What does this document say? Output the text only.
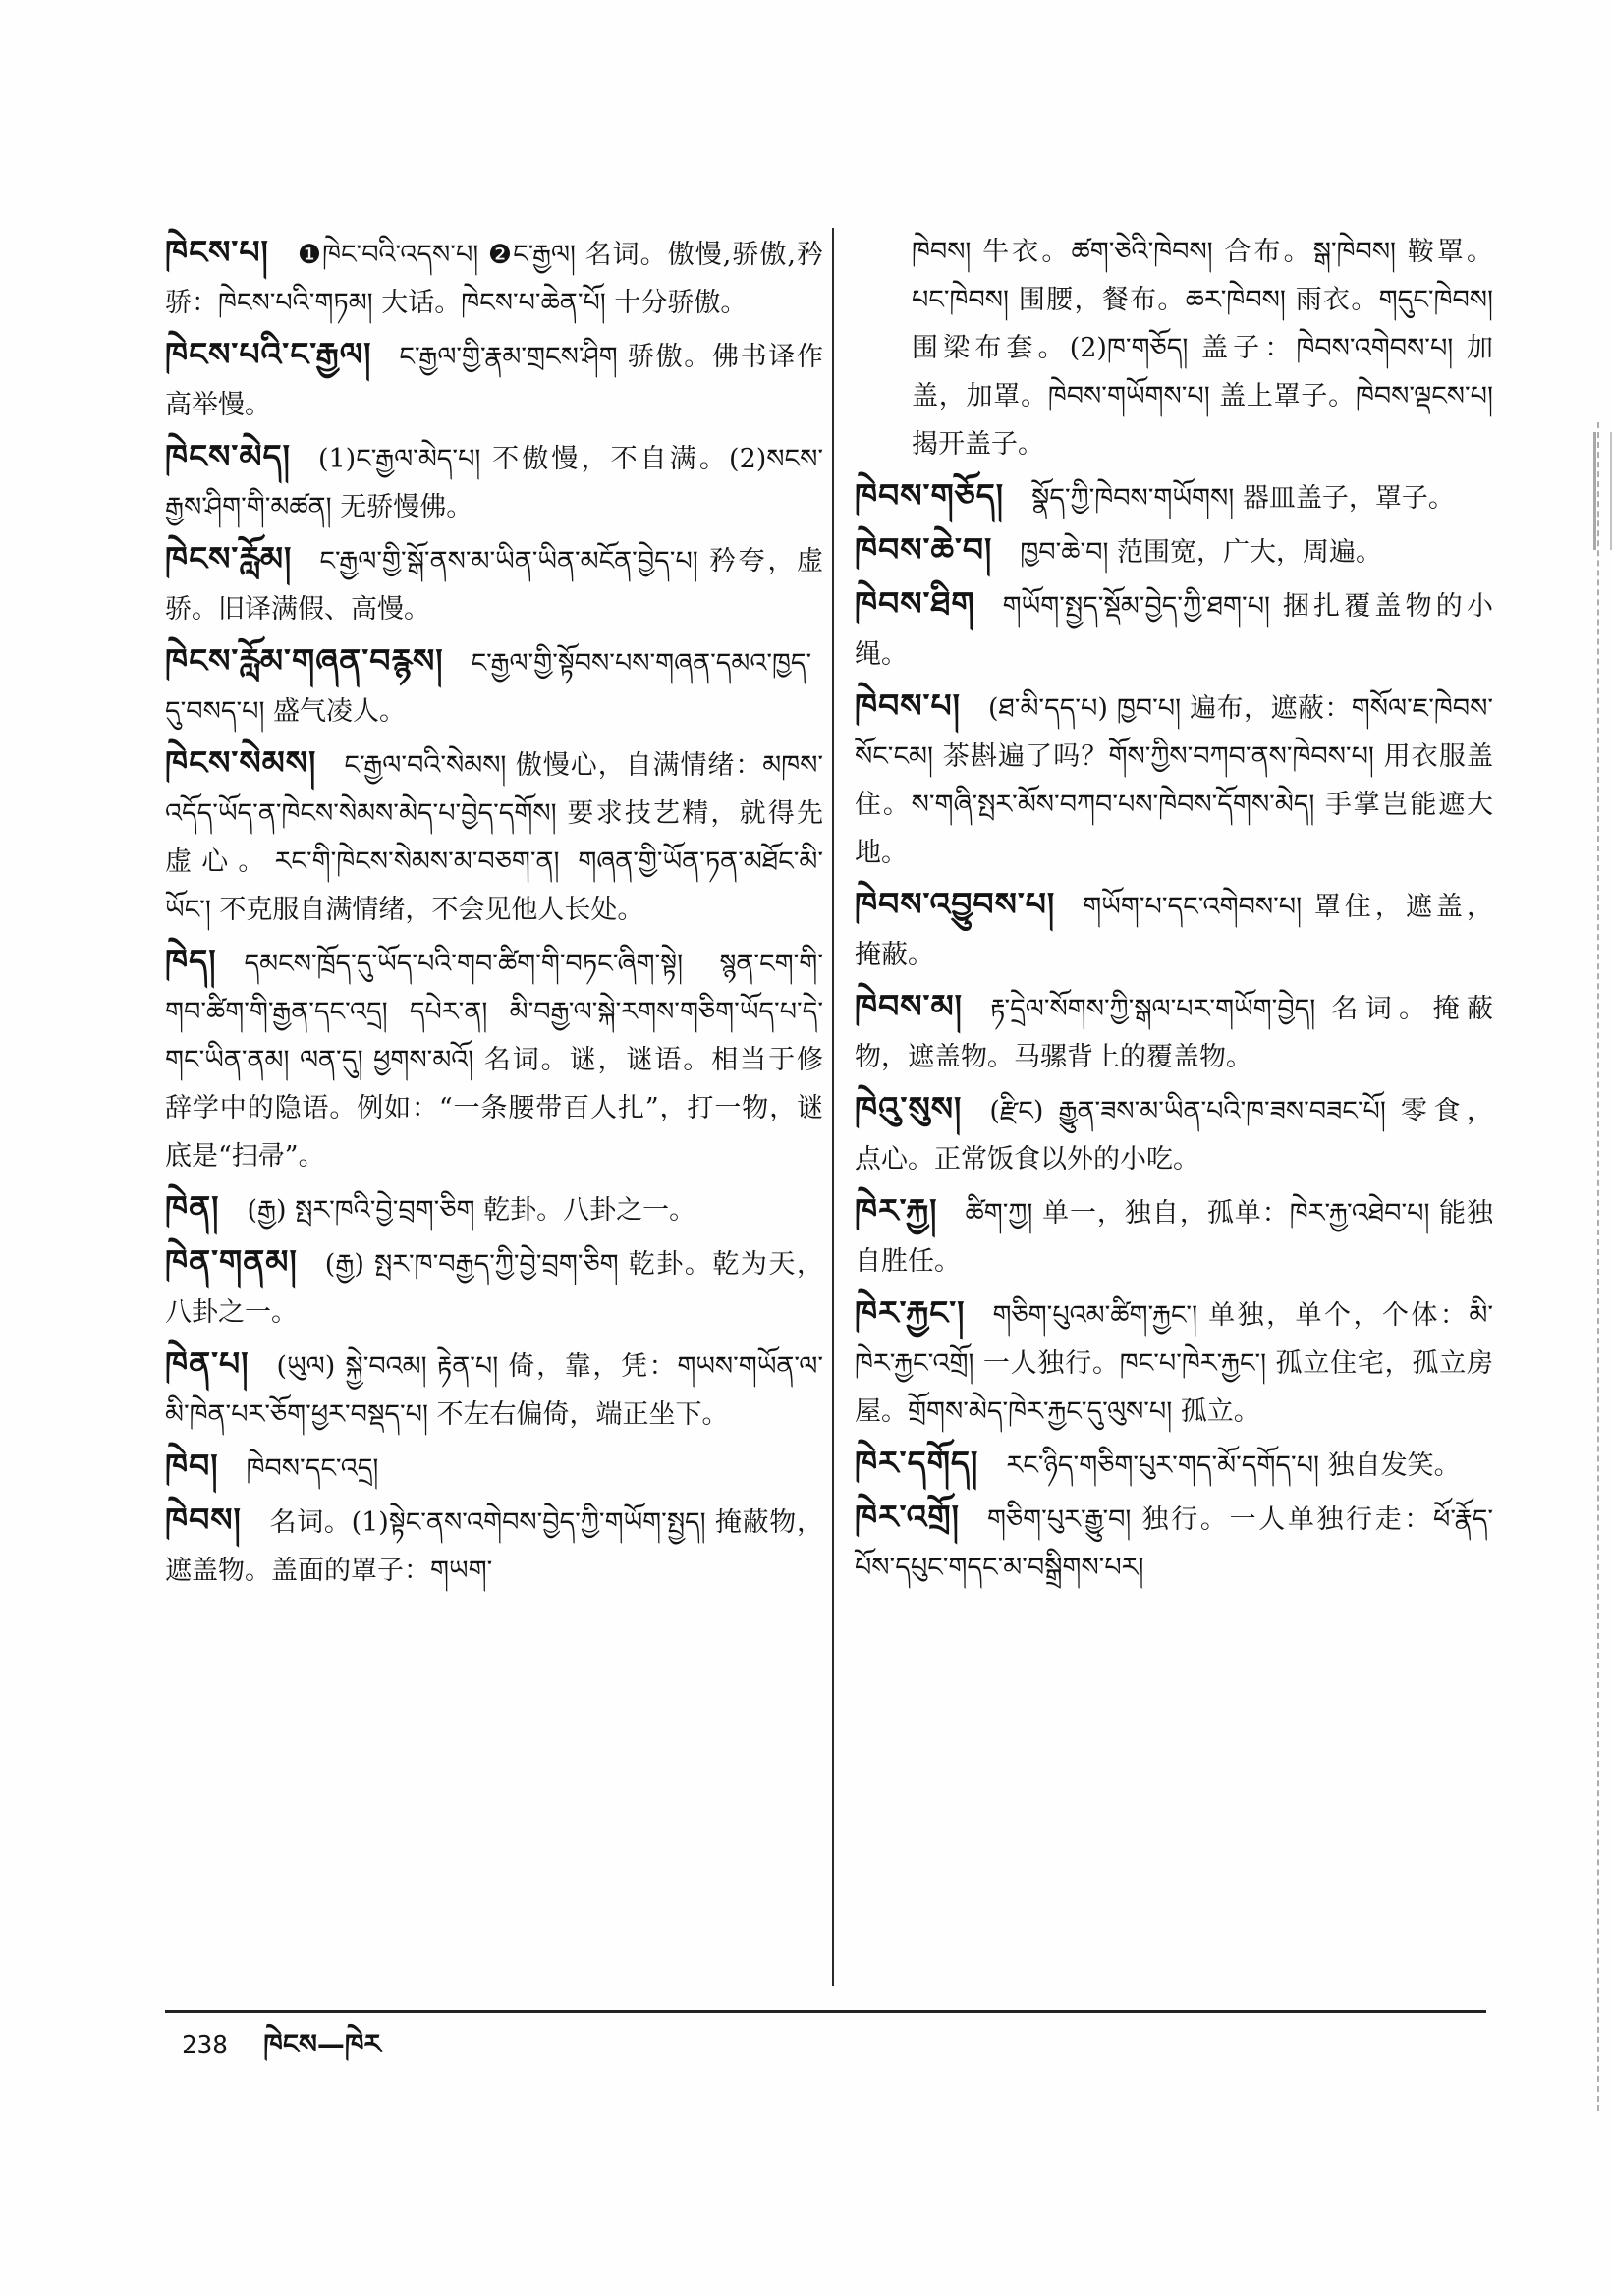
ཁེངས་པ། ❶ཁེང་བའི་འདས་པ། ❷ང་རྒྱལ། 名词。傲慢,骄傲,矜骄：ཁེངས་པའི་གཏམ། 大话。ཁེངས་པ་ཆེན་པོ། 十分骄傲。
ཁེངས་པའི་ང་རྒྱལ། ང་རྒྱལ་གྱི་རྣམ་གྲངས་ཤིག 骄傲。佛书译作高举慢。
ཁེངས་མེད། (1)ང་རྒྱལ་མེད་པ། 不傲慢，不自满。(2)སངས་རྒྱས་ཤིག་གི་མཚན། 无骄慢佛。
ཁེངས་རློམ། ང་རྒྱལ་གྱི་སྒོ་ནས་མ་ཡིན་ཡིན་མངོན་བྱེད་པ། 矜夸，虚骄。旧译满假、高慢。
ཁེངས་རློམ་གཞན་བརྙས། ང་རྒྱལ་གྱི་སྟོབས་པས་གཞན་དམའ་ཁྱད་དུ་བསད་པ། 盛气凌人。
ཁེངས་སེམས། ང་རྒྱལ་བའི་སེམས། 傲慢心，自满情绪：མཁས་འདོད་ཡོད་ན་ཁེངས་སེམས་མེད་པ་བྱེད་དགོས། 要求技艺精，就得先虚心。རང་གི་ཁེངས་སེམས་མ་བཅག་ན། གཞན་གྱི་ཡོན་ཏན་མཐོང་མི་ཡོང་། 不克服自满情绪，不会见他人长处。
ཁེད། དམངས་ཁྲོད་དུ་ཡོད་པའི་གབ་ཚིག་གི་བཏང་ཞིག་སྟེ། སྙན་ངག་གི་གབ་ཚིག་གི་རྒྱན་དང་འདྲ། དཔེར་ན། མི་བརྒྱ་ལ་སྐེ་རགས་གཅིག་ཡོད་པ་དེ་གང་ཡིན་ནམ། ལན་དུ། ཕྱགས་མའོ། 名词。谜，谜语。相当于修辞学中的隐语。例如：“一条腰带百人扎”，打一物，谜底是“扫帚”。
ཁེན། (རྒྱ) སྤར་ཁའི་བྱེ་བྲག་ཅིག 乾卦。八卦之一。
ཁེན་གནམ། (རྒྱ) སྤར་ཁ་བརྒྱད་ཀྱི་བྱེ་བྲག་ཅིག 乾卦。乾为天，八卦之一。
ཁེན་པ། (ཡུལ) སྐྱེ་བའམ། རྟེན་པ། 倚，靠，凭：གཡས་གཡོན་ལ་མི་ཁེན་པར་ཅོག་ཕྱར་བསྡད་པ། 不左右偏倚，端正坐下。
ཁེབ། ཁེབས་དང་འདྲ།
ཁེབས། 名词。(1)སྟེང་ནས་འགེབས་བྱེད་ཀྱི་གཡོག་སྤྱད། 掩蔽物，遮盖物。盖面的罩子：གཡག་
ཁེབས། 牛衣。ཚག་ཅེའི་ཁེབས། 合布。སྒ་ཁེབས། 鞍罩。པང་ཁེབས། 围腰，餐布。ཆར་ཁེབས། 雨衣。གདུང་ཁེབས། 围梁布套。(2)ཁ་གཅོད། 盖子：ཁེབས་འགེབས་པ། 加盖，加罩。ཁེབས་གཡོགས་པ། 盖上罩子。ཁེབས་ལྡངས་པ། 揭开盖子。
ཁེབས་གཅོད། སྣོད་ཀྱི་ཁེབས་གཡོགས། 器皿盖子，罩子。
ཁེབས་ཆེ་བ། ཁྱབ་ཆེ་བ། 范围宽，广大，周遍。
ཁེབས་ཐིག གཡོག་སྤྱད་སྡོམ་བྱེད་ཀྱི་ཐག་པ། 捆扎覆盖物的小绳。
ཁེབས་པ། (ཐ་མི་དད་པ) ཁྱབ་པ། 遍布，遮蔽：གསོལ་ཇ་ཁེབས་སོང་ངམ། 茶斟遍了吗？གོས་ཀྱིས་བཀབ་ནས་ཁེབས་པ། 用衣服盖住。ས་གཞི་སྤར་མོས་བཀབ་པས་ཁེབས་དོགས་མེད། 手掌岂能遮大地。
ཁེབས་འབྱུབས་པ། གཡོག་པ་དང་འགེབས་པ། 罩住，遮盖，掩蔽。
ཁེབས་མ། རྟ་དྲེལ་སོགས་ཀྱི་སྒལ་པར་གཡོག་བྱེད། 名词。掩蔽物，遮盖物。马骡背上的覆盖物。
ཁེའུ་སུས། (རྫིང) རྒྱུན་ཟས་མ་ཡིན་པའི་ཁ་ཟས་བཟང་པོ། 零食，点心。正常饭食以外的小吃。
ཁེར་རྐྱ། ཚིག་ཀྱ། 单一，独自，孤单：ཁེར་རྐྱ་འཐེབ་པ། 能独自胜任。
ཁེར་རྐྱང་། གཅིག་པུའམ་ཚིག་རྐྱང་། 单独，单个，个体：མི་ཁེར་རྐྱང་འགྲོ། 一人独行。ཁང་པ་ཁེར་རྐྱང་། 孤立住宅，孤立房屋。གྲོགས་མེད་ཁེར་རྐྱང་དུ་ལུས་པ། 孤立。
ཁེར་དགོད། རང་ཉིད་གཅིག་པུར་གད་མོ་དགོད་པ། 独自发笑。
ཁེར་འགྲོ། གཅིག་པུར་རྒྱུ་བ། 独行。一人单独行走：ཕོ་རྣོད་པོས་དཔུང་གདང་མ་བསྒྲིགས་པར།
238 ཁེངས—ཁེར
